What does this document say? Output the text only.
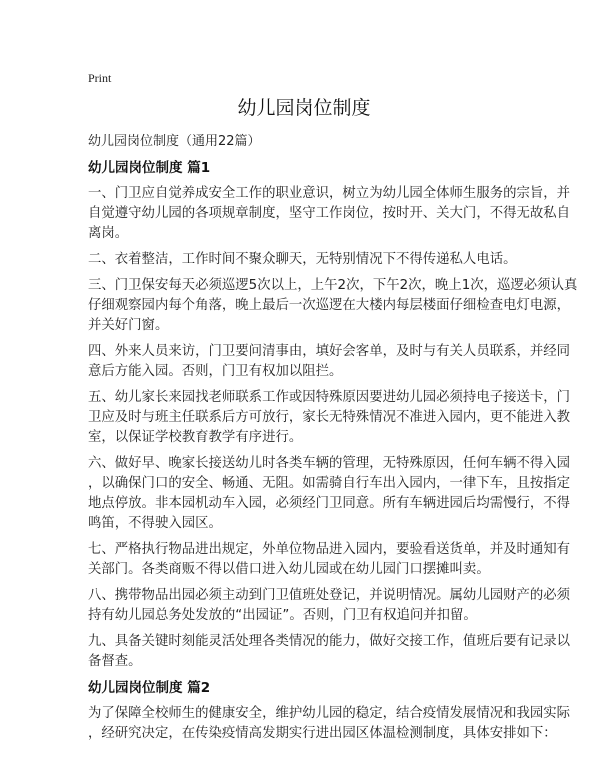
Print
幼儿园岗位制度
幼儿园岗位制度（通用22篇）
幼儿园岗位制度 篇1
一、门卫应自觉养成安全工作的职业意识，树立为幼儿园全体师生服务的宗旨，并
自觉遵守幼儿园的各项规章制度，坚守工作岗位，按时开、关大门，不得无故私自
离岗。
二、衣着整洁，工作时间不聚众聊天，无特别情况下不得传递私人电话。
三、门卫保安每天必须巡逻5次以上，上午2次，下午2次，晚上1次，巡逻必须认真
仔细观察园内每个角落，晚上最后一次巡逻在大楼内每层楼面仔细检查电灯电源，
并关好门窗。
四、外来人员来访，门卫要问清事由，填好会客单，及时与有关人员联系，并经同
意后方能入园。否则，门卫有权加以阻拦。
五、幼儿家长来园找老师联系工作或因特殊原因要进幼儿园必须持电子接送卡，门
卫应及时与班主任联系后方可放行，家长无特殊情况不准进入园内，更不能进入教
室，以保证学校教育教学有序进行。
六、做好早、晚家长接送幼儿时各类车辆的管理，无特殊原因，任何车辆不得入园
，以确保门口的安全、畅通、无阻。如需骑自行车出入园内，一律下车，且按指定
地点停放。非本园机动车入园，必须经门卫同意。所有车辆进园后均需慢行，不得
鸣笛，不得驶入园区。
七、严格执行物品进出规定，外单位物品进入园内，要验看送货单，并及时通知有
关部门。各类商贩不得以借口进入幼儿园或在幼儿园门口摆摊叫卖。
八、携带物品出园必须主动到门卫值班处登记，并说明情况。属幼儿园财产的必须
持有幼儿园总务处发放的“出园证”。否则，门卫有权追问并扣留。
九、具备关键时刻能灵活处理各类情况的能力，做好交接工作，值班后要有记录以
备督查。
幼儿园岗位制度 篇2
为了保障全校师生的健康安全，维护幼儿园的稳定，结合疫情发展情况和我园实际
，经研究决定，在传染疫情高发期实行进出园区体温检测制度，具体安排如下：
